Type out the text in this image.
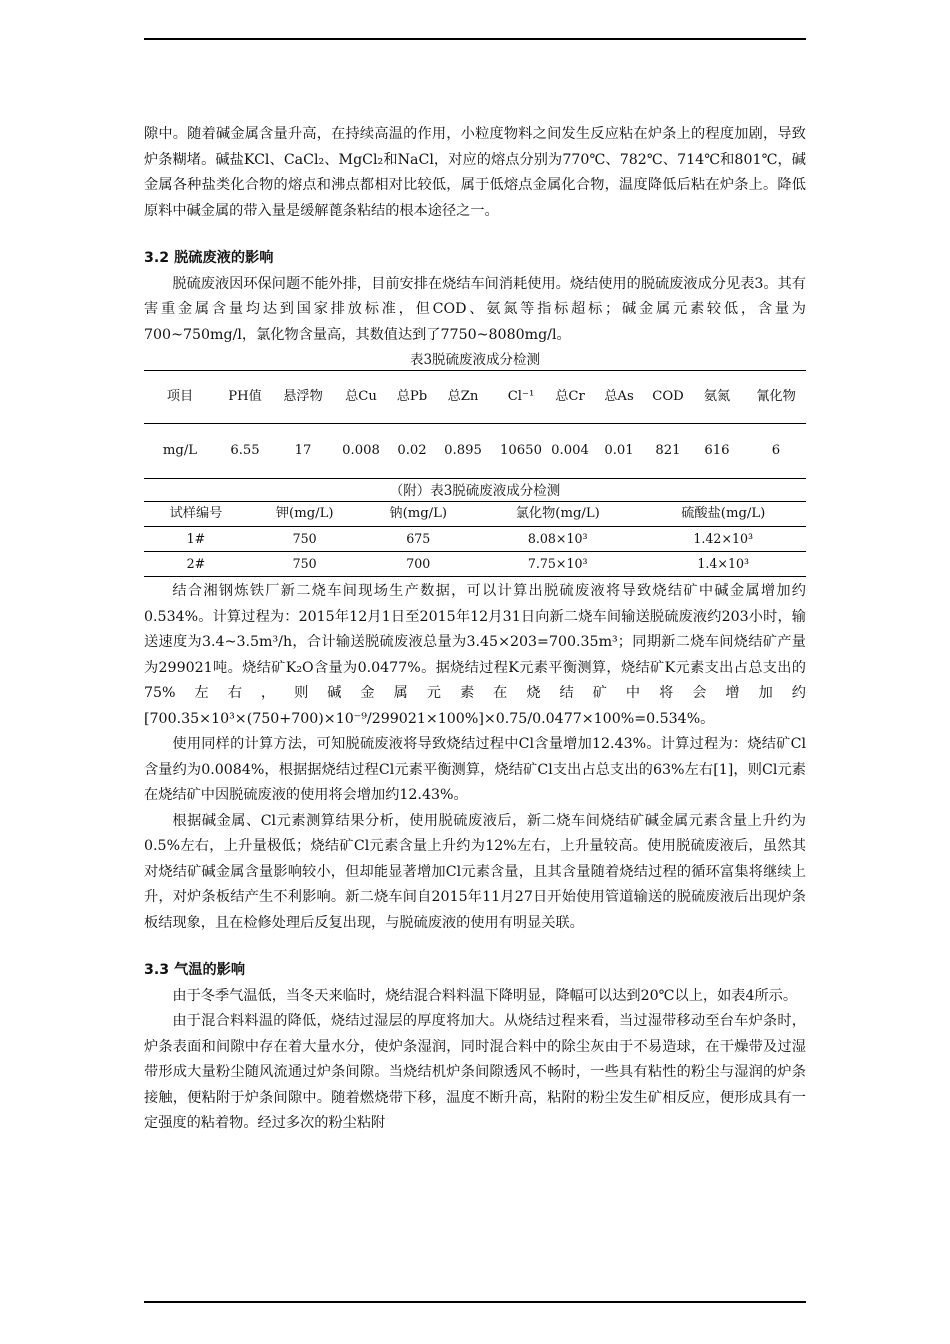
隙中。随着碱金属含量升高，在持续高温的作用，小粒度物料之间发生反应粘在炉条上的程度加剧，导致炉条糊堵。碱盐KCl、CaCl₂、MgCl₂和NaCl，对应的熔点分别为770℃、782℃、714℃和801℃，碱金属各种盐类化合物的熔点和沸点都相对比较低，属于低熔点金属化合物，温度降低后粘在炉条上。降低原料中碱金属的带入量是缓解蓖条粘结的根本途径之一。

3.2 脱硫废液的影响

脱硫废液因环保问题不能外排，目前安排在烧结车间消耗使用。烧结使用的脱硫废液成分见表3。其有害重金属含量均达到国家排放标准，但COD、氨氮等指标超标；碱金属元素较低，含量为700~750mg/l，氯化物含量高，其数值达到了7750~8080mg/l。

表3脱硫废液成分检测
项目	PH值	悬浮物	总Cu	总Pb	总Zn	Cl⁻¹	总Cr	总As	COD	氨氮	氰化物
mg/L	6.55	17	0.008	0.02	0.895	10650	0.004	0.01	821	616	6
（附）表3脱硫废液成分检测
试样编号	钾(mg/L)	钠(mg/L)	氯化物(mg/L)	硫酸盐(mg/L)
1#	750	675	8.08×10³	1.42×10³
2#	750	700	7.75×10³	1.4×10³

结合湘钢炼铁厂新二烧车间现场生产数据，可以计算出脱硫废液将导致烧结矿中碱金属增加约0.534%。计算过程为：2015年12月1日至2015年12月31日向新二烧车间输送脱硫废液约203小时，输送速度为3.4~3.5m³/h，合计输送脱硫废液总量为3.45×203=700.35m³；同期新二烧车间烧结矿产量为299021吨。烧结矿K₂O含量为0.0477%。据烧结过程K元素平衡测算，烧结矿K元素支出占总支出的75%左右，则碱金属元素在烧结矿中将会增加约[700.35×10³×(750+700)×10⁻⁹/299021×100%]×0.75/0.0477×100%=0.534%。

使用同样的计算方法，可知脱硫废液将导致烧结过程中Cl含量增加12.43%。计算过程为：烧结矿Cl含量约为0.0084%，根据据烧结过程Cl元素平衡测算，烧结矿Cl支出占总支出的63%左右[1]，则Cl元素在烧结矿中因脱硫废液的使用将会增加约12.43%。

根据碱金属、Cl元素测算结果分析，使用脱硫废液后，新二烧车间烧结矿碱金属元素含量上升约为0.5%左右，上升量极低；烧结矿Cl元素含量上升约为12%左右，上升量较高。使用脱硫废液后，虽然其对烧结矿碱金属含量影响较小，但却能显著增加Cl元素含量，且其含量随着烧结过程的循环富集将继续上升，对炉条板结产生不利影响。新二烧车间自2015年11月27日开始使用管道输送的脱硫废液后出现炉条板结现象，且在检修处理后反复出现，与脱硫废液的使用有明显关联。

3.3 气温的影响

由于冬季气温低，当冬天来临时，烧结混合料料温下降明显，降幅可以达到20℃以上，如表4所示。

由于混合料料温的降低，烧结过湿层的厚度将加大。从烧结过程来看，当过湿带移动至台车炉条时，炉条表面和间隙中存在着大量水分，使炉条湿润，同时混合料中的除尘灰由于不易造球，在干燥带及过湿带形成大量粉尘随风流通过炉条间隙。当烧结机炉条间隙透风不畅时，一些具有粘性的粉尘与湿润的炉条接触，便粘附于炉条间隙中。随着燃烧带下移，温度不断升高，粘附的粉尘发生矿相反应，便形成具有一定强度的粘着物。经过多次的粉尘粘附
